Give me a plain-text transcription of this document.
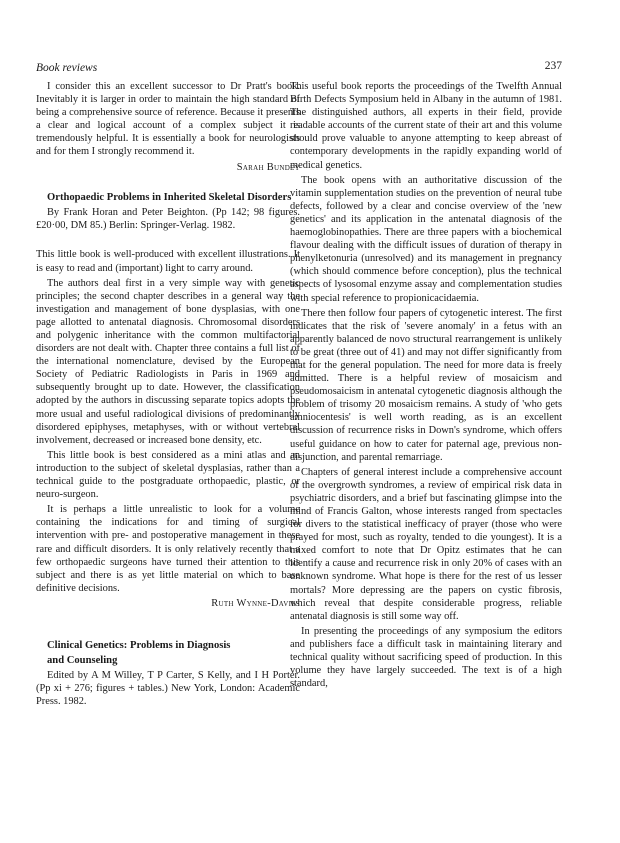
Book reviews	237

I consider this an excellent successor to Dr Pratt's book. Inevitably it is larger in order to maintain the high standard of being a comprehensive source of reference. Because it presents a clear and logical account of a complex subject it is tremendously helpful. It is essentially a book for neurologists and for them I strongly recommend it.

Sarah Bundey

Orthopaedic Problems in Inherited Skeletal Disorders

By Frank Horan and Peter Beighton. (Pp 142; 98 figures. £20·00, DM 85.) Berlin: Springer-Verlag. 1982.

This little book is well-produced with excellent illustrations. It is easy to read and (important) light to carry around.

The authors deal first in a very simple way with genetic principles; the second chapter describes in a general way the investigation and management of bone dysplasias, with one page allotted to antenatal diagnosis. Chromosomal disorders and polygenic inheritance with the common multifactorial disorders are not dealt with. Chapter three contains a full list of the international nomenclature, devised by the European Society of Pediatric Radiologists in Paris in 1969 and subsequently brought up to date. However, the classification adopted by the authors in discussing separate topics adopts the more usual and useful radiological divisions of predominantly disordered epiphyses, metaphyses, with or without vertebral involvement, decreased or increased bone density, etc.

This little book is best considered as a mini atlas and an introduction to the subject of skeletal dysplasias, rather than a technical guide to the postgraduate orthopaedic, plastic, or neuro-surgeon.

It is perhaps a little unrealistic to look for a volume containing the indications for and timing of surgical intervention with pre- and postoperative management in these rare and difficult disorders. It is only relatively recently that a few orthopaedic surgeons have turned their attention to this subject and there is as yet little material on which to base definitive decisions.

Ruth Wynne-Davies

Clinical Genetics: Problems in Diagnosis

and Counseling

Edited by A M Willey, T P Carter, S Kelly, and I H Porter. (Pp xi + 276; figures + tables.) New York, London: Academic Press. 1982.

This useful book reports the proceedings of the Twelfth Annual Birth Defects Symposium held in Albany in the autumn of 1981. The distinguished authors, all experts in their field, provide readable accounts of the current state of their art and this volume should prove valuable to anyone attempting to keep abreast of contemporary developments in the rapidly expanding world of medical genetics.

The book opens with an authoritative discussion of the vitamin supplementation studies on the prevention of neural tube defects, followed by a clear and concise overview of the 'new genetics' and its application in the antenatal diagnosis of the haemoglobinopathies. There are three papers with a biochemical flavour dealing with the difficult issues of duration of therapy in phenylketonuria (unresolved) and its management in pregnancy (which should commence before conception), plus the technical aspects of lysosomal enzyme assay and complementation studies with special reference to propionicacidaemia.

There then follow four papers of cytogenetic interest. The first indicates that the risk of 'severe anomaly' in a fetus with an apparently balanced de novo structural rearrangement is unlikely to be great (three out of 41) and may not differ significantly from that for the general population. The need for more data is freely admitted. There is a helpful review of mosaicism and pseudomosaicism in antenatal cytogenetic diagnosis although the problem of trisomy 20 mosaicism remains. A study of 'who gets amniocentesis' is well worth reading, as is an excellent discussion of recurrence risks in Down's syndrome, which offers useful guidance on how to cater for paternal age, previous non-disjunction, and parental remarriage.

Chapters of general interest include a comprehensive account of the overgrowth syndromes, a review of empirical risk data in psychiatric disorders, and a brief but fascinating glimpse into the mind of Francis Galton, whose interests ranged from spectacles for divers to the statistical inefficacy of prayer (those who were prayed for most, such as royalty, tended to die youngest). It is a mixed comfort to note that Dr Opitz estimates that he can identify a cause and recurrence risk in only 20% of cases with an unknown syndrome. What hope is there for the rest of us lesser mortals? More depressing are the papers on cystic fibrosis, which reveal that despite considerable progress, reliable antenatal diagnosis is still some way off.

In presenting the proceedings of any symposium the editors and publishers face a difficult task in maintaining literary and technical quality without sacrificing speed of production. In this volume they have largely succeeded. The text is of a high standard,
